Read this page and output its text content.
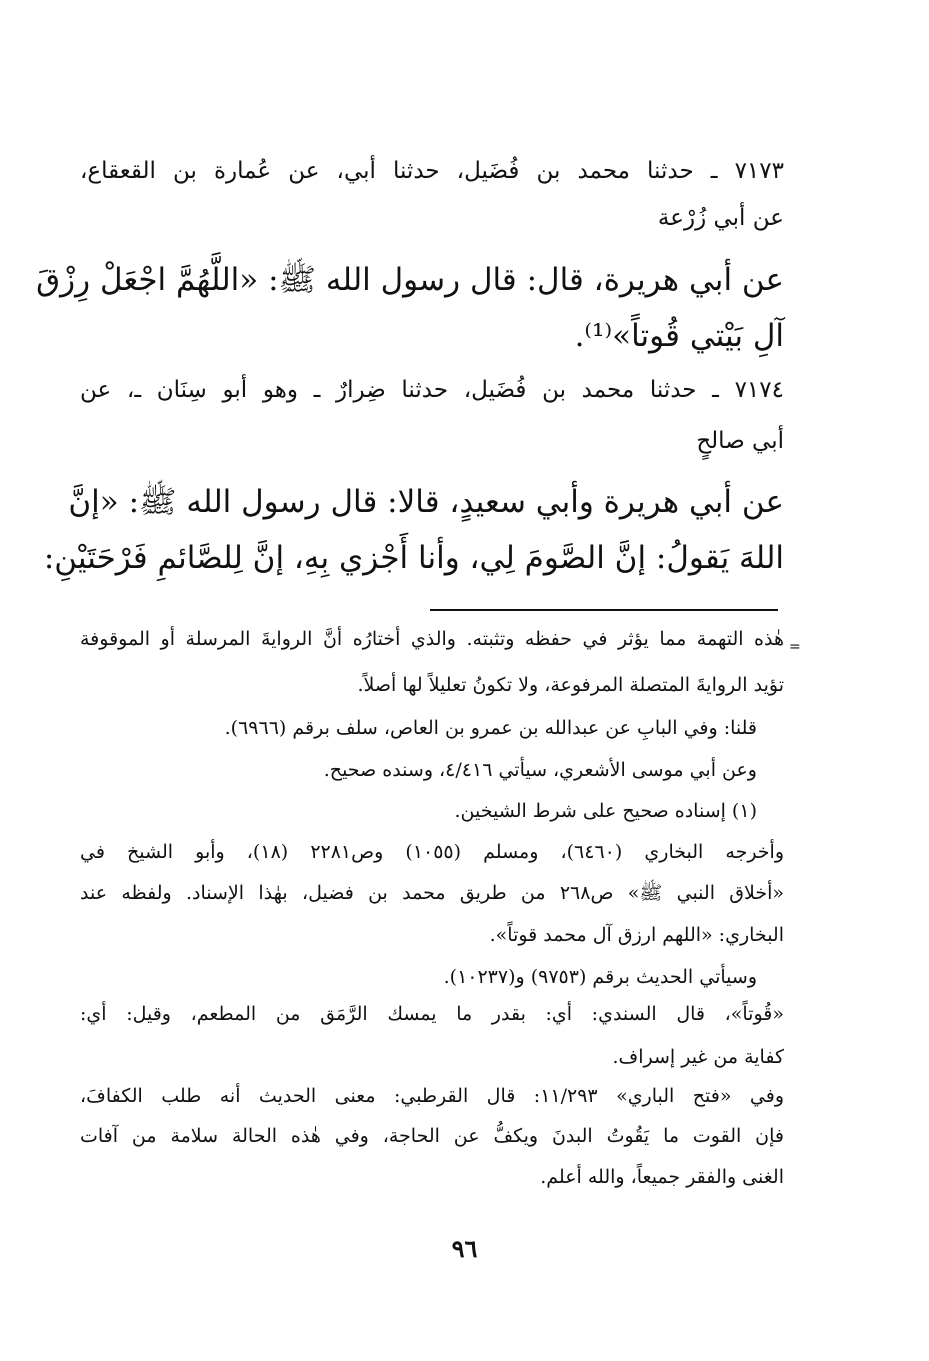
٧١٧٣ ـ حدثنا محمد بن فُضَيل، حدثنا أبي، عن عُمارة بن القعقاع،
عن أبي زُرْعة
عن أبي هريرة، قال: قال رسول الله ﷺ: «اللَّهُمَّ اجْعَلْ رِزْقَ
آلِ بَيْتي قُوتاً»⁽¹⁾.
٧١٧٤ ـ حدثنا محمد بن فُضَيل، حدثنا ضِرارٌ ـ وهو أبو سِنَان ـ، عن
أبي صالحٍ
عن أبي هريرة وأبي سعيدٍ، قالا: قال رسول الله ﷺ: «إنَّ
اللهَ يَقولُ: إنَّ الصَّومَ لِي، وأنا أَجْزي بِهِ، إنَّ لِلصَّائمِ فَرْحَتَيْنِ:
=
هٰذه التهمة مما يؤثر في حفظه وتثبته. والذي أختارُه أنَّ الروايةَ المرسلة أو الموقوفة
تؤيد الروايةَ المتصلة المرفوعة، ولا تكونُ تعليلاً لها أصلاً.
قلنا: وفي البابِ عن عبدالله بن عمرو بن العاص، سلف برقم (٦٩٦٦).
وعن أبي موسى الأشعري، سيأتي ٤/٤١٦، وسنده صحيح.
(١) إسناده صحيح على شرط الشيخين.
وأخرجه البخاري (٦٤٦٠)، ومسلم (١٠٥٥) وص٢٢٨١ (١٨)، وأبو الشيخ في
«أخلاق النبي ﷺ» ص٢٦٨ من طريق محمد بن فضيل، بهٰذا الإسناد. ولفظه عند
البخاري: «اللهم ارزق آل محمد قوتاً».
وسيأتي الحديث برقم (٩٧٥٣) و(١٠٢٣٧).
«قُوتاً»، قال السندي: أي: بقدر ما يمسك الرَّمَق من المطعم، وقيل: أي:
كفاية من غير إسراف.
وفي «فتح الباري» ١١/٢٩٣: قال القرطبي: معنى الحديث أنه طلب الكفافَ،
فإن القوت ما يَقُوتُ البدنَ ويكفُّ عن الحاجة، وفي هٰذه الحالة سلامة من آفات
الغنى والفقر جميعاً، والله أعلم.
٩٦
